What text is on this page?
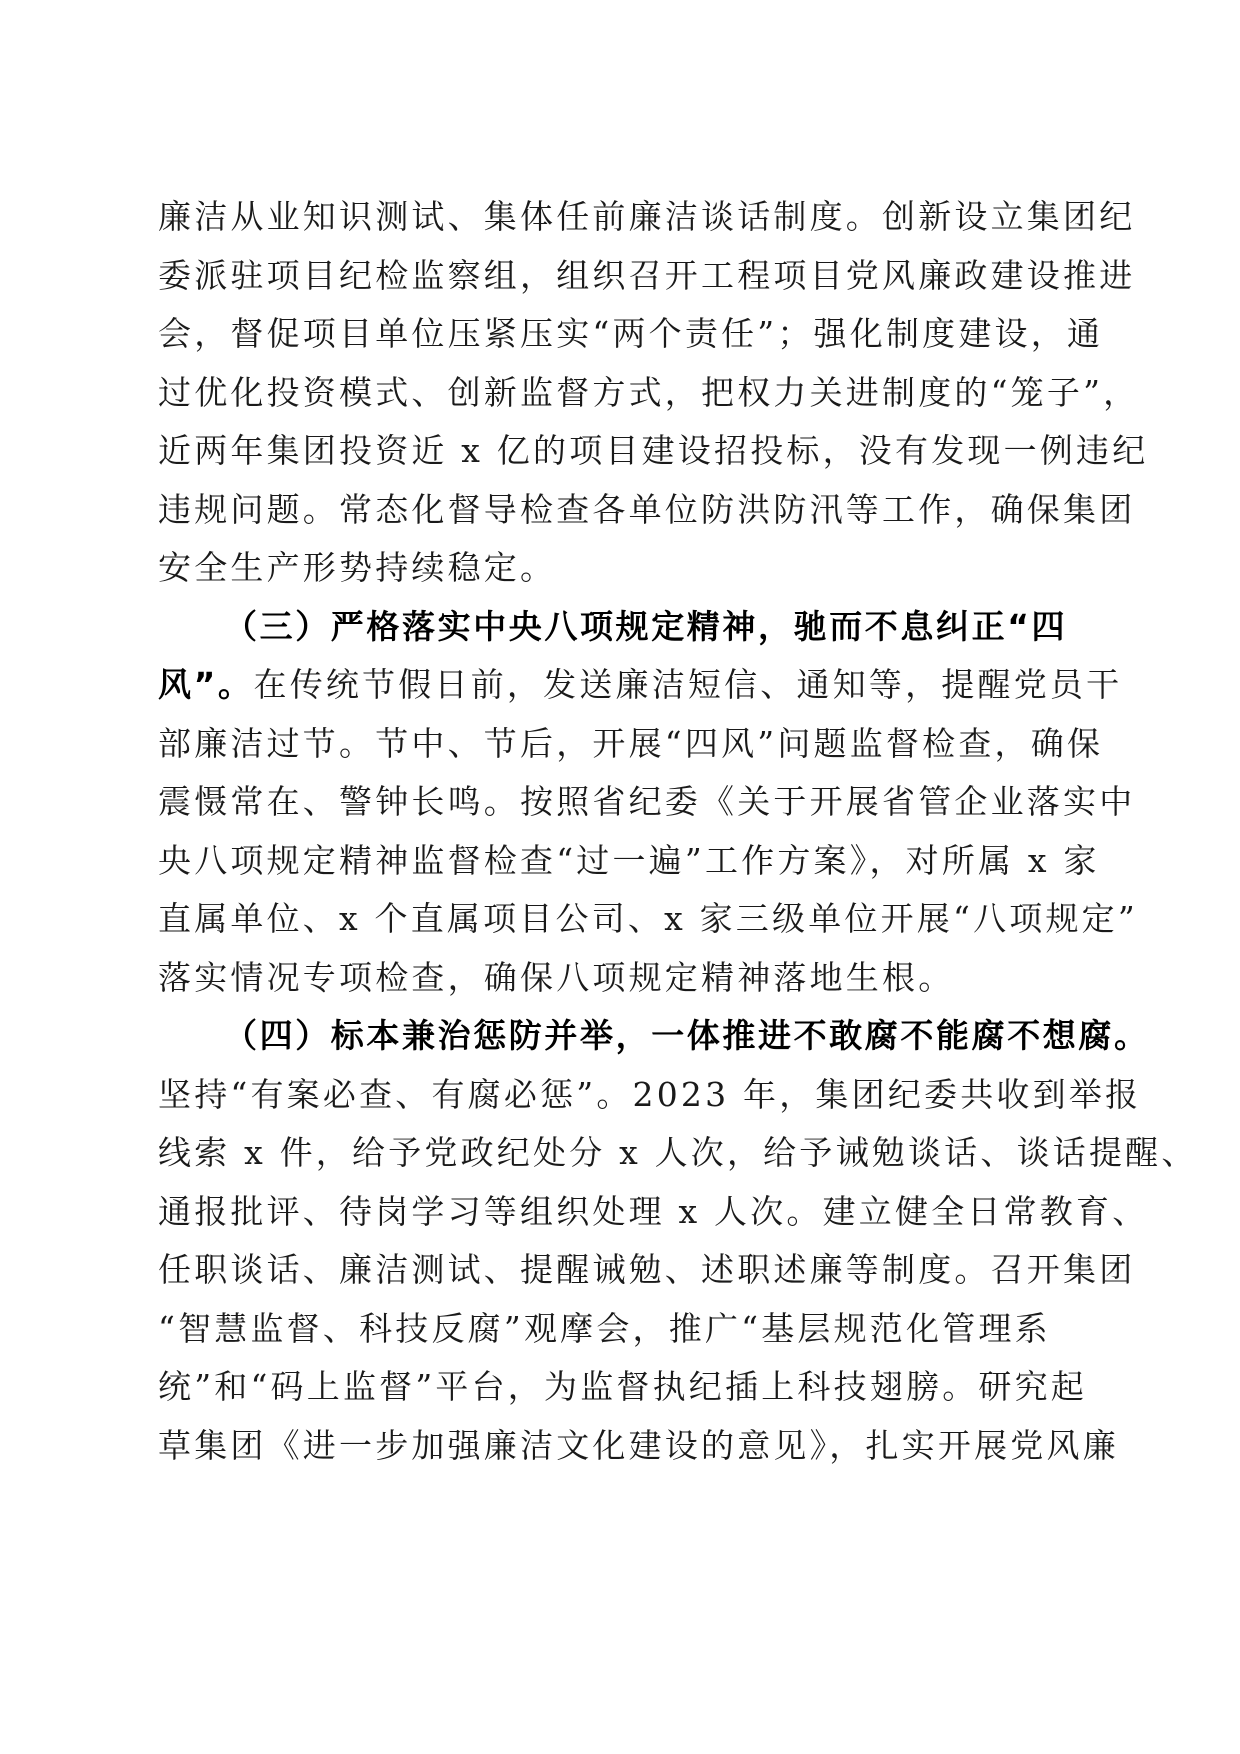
廉洁从业知识测试、集体任前廉洁谈话制度。创新设立集团纪
委派驻项目纪检监察组，组织召开工程项目党风廉政建设推进
会，督促项目单位压紧压实“两个责任”；强化制度建设，通
过优化投资模式、创新监督方式，把权力关进制度的“笼子”，
近两年集团投资近 x 亿的项目建设招投标，没有发现一例违纪
违规问题。常态化督导检查各单位防洪防汛等工作，确保集团
安全生产形势持续稳定。
（三）严格落实中央八项规定精神，驰而不息纠正“四
风”。在传统节假日前，发送廉洁短信、通知等，提醒党员干
部廉洁过节。节中、节后，开展“四风”问题监督检查，确保
震慑常在、警钟长鸣。按照省纪委《关于开展省管企业落实中
央八项规定精神监督检查“过一遍”工作方案》，对所属 x 家
直属单位、x 个直属项目公司、x 家三级单位开展“八项规定”
落实情况专项检查，确保八项规定精神落地生根。
（四）标本兼治惩防并举，一体推进不敢腐不能腐不想腐。
坚持“有案必查、有腐必惩”。2023 年，集团纪委共收到举报
线索 x 件，给予党政纪处分 x 人次，给予诫勉谈话、谈话提醒、
通报批评、待岗学习等组织处理 x 人次。建立健全日常教育、
任职谈话、廉洁测试、提醒诫勉、述职述廉等制度。召开集团
“智慧监督、科技反腐”观摩会，推广“基层规范化管理系
统”和“码上监督”平台，为监督执纪插上科技翅膀。研究起
草集团《进一步加强廉洁文化建设的意见》，扎实开展党风廉
